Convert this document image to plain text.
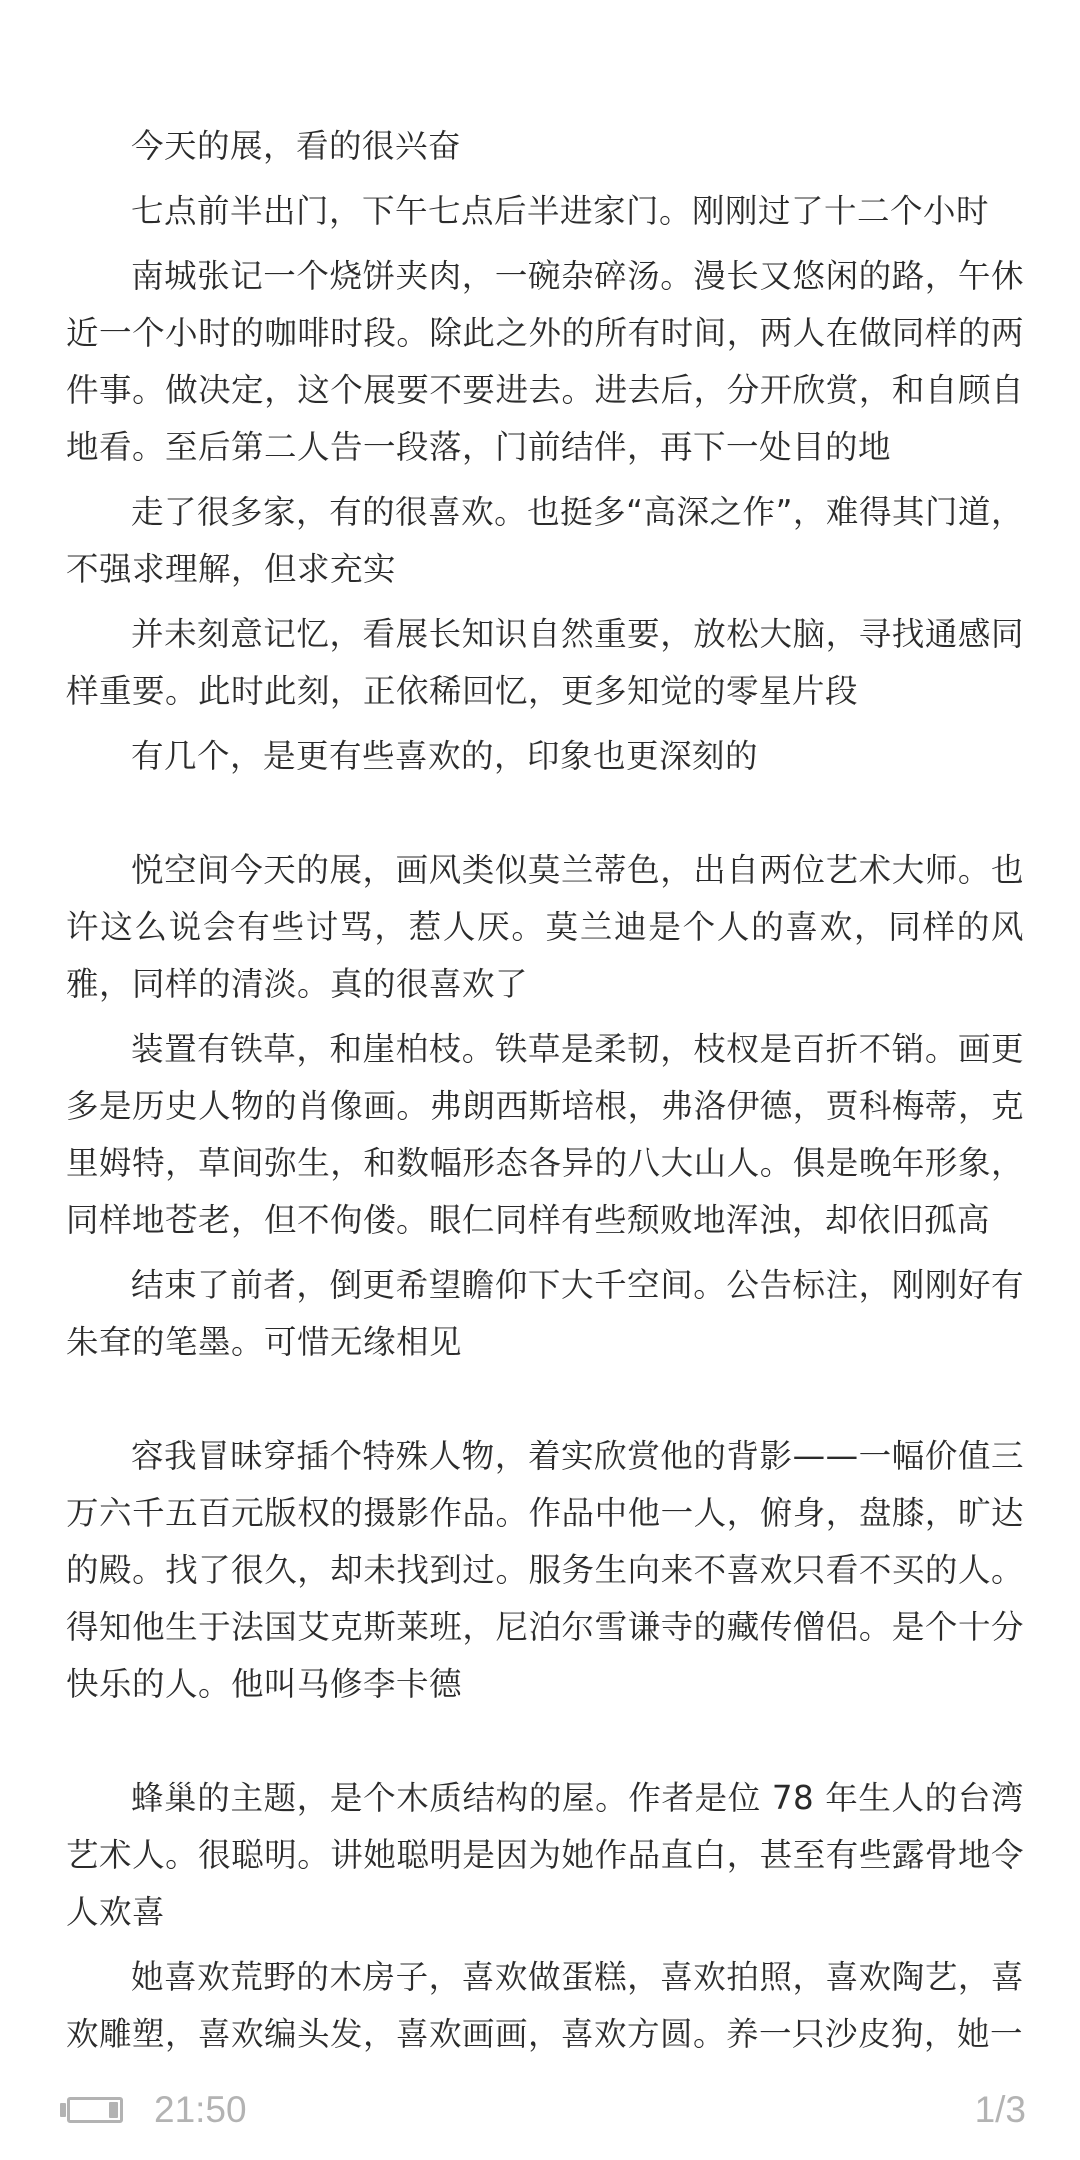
今天的展，看的很兴奋

七点前半出门，下午七点后半进家门。刚刚过了十二个小时

南城张记一个烧饼夹肉，一碗杂碎汤。漫长又悠闲的路，午休近一个小时的咖啡时段。除此之外的所有时间，两人在做同样的两件事。做决定，这个展要不要进去。进去后，分开欣赏，和自顾自地看。至后第二人告一段落，门前结伴，再下一处目的地

走了很多家，有的很喜欢。也挺多“高深之作”，难得其门道，不强求理解，但求充实

并未刻意记忆，看展长知识自然重要，放松大脑，寻找通感同样重要。此时此刻，正依稀回忆，更多知觉的零星片段

有几个，是更有些喜欢的，印象也更深刻的

悦空间今天的展，画风类似莫兰蒂色，出自两位艺术大师。也许这么说会有些讨骂，惹人厌。莫兰迪是个人的喜欢，同样的风雅，同样的清淡。真的很喜欢了

装置有铁草，和崖柏枝。铁草是柔韧，枝杈是百折不销。画更多是历史人物的肖像画。弗朗西斯培根，弗洛伊德，贾科梅蒂，克里姆特，草间弥生，和数幅形态各异的八大山人。俱是晚年形象，同样地苍老，但不佝偻。眼仁同样有些颓败地浑浊，却依旧孤高

结束了前者，倒更希望瞻仰下大千空间。公告标注，刚刚好有朱耷的笔墨。可惜无缘相见

容我冒昧穿插个特殊人物，着实欣赏他的背影——一幅价值三万六千五百元版权的摄影作品。作品中他一人，俯身，盘膝，旷达的殿。找了很久，却未找到过。服务生向来不喜欢只看不买的人。得知他生于法国艾克斯莱班，尼泊尔雪谦寺的藏传僧侣。是个十分快乐的人。他叫马修李卡德

蜂巢的主题，是个木质结构的屋。作者是位 78 年生人的台湾艺术人。很聪明。讲她聪明是因为她作品直白，甚至有些露骨地令人欢喜

她喜欢荒野的木房子，喜欢做蛋糕，喜欢拍照，喜欢陶艺，喜欢雕塑，喜欢编头发，喜欢画画，喜欢方圆。养一只沙皮狗，她一

21:50	1/3
